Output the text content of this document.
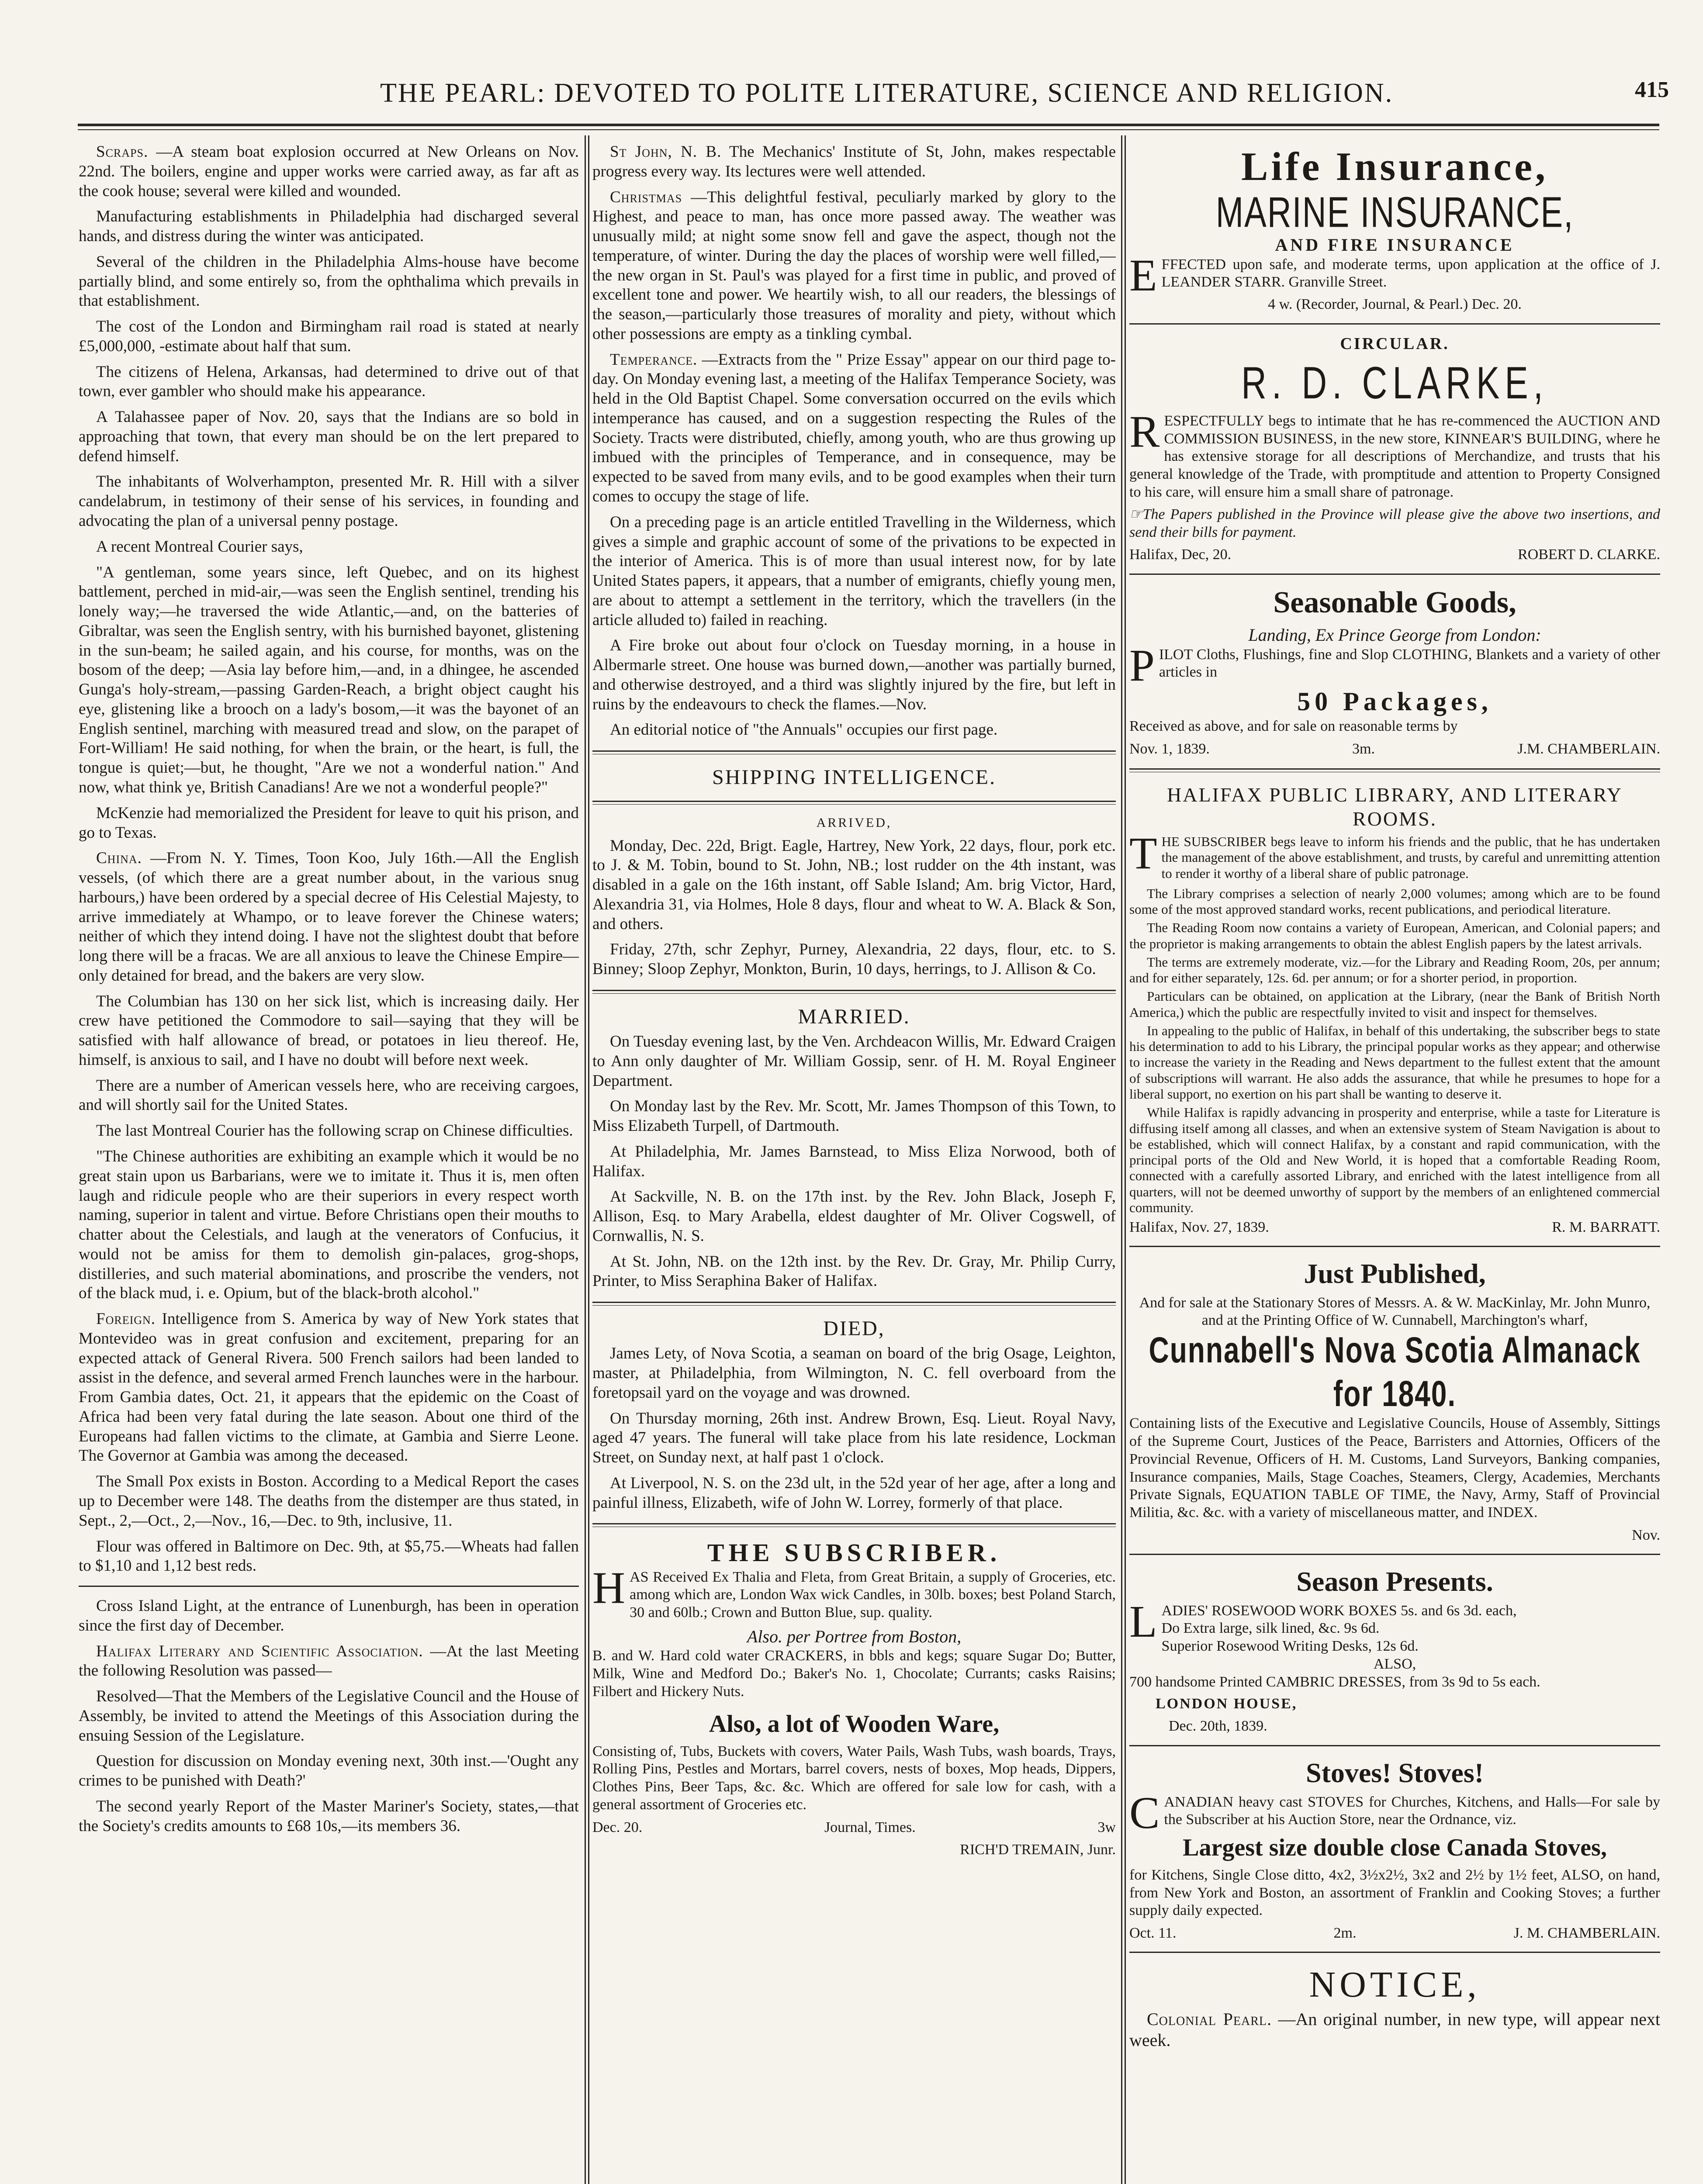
THE PEARL: DEVOTED TO POLITE LITERATURE, SCIENCE AND RELIGION.	415

Scraps. —A steam boat explosion occurred at New Orleans on Nov. 22nd. The boilers, engine and upper works were carried away, as far aft as the cook house; several were killed and wounded.

Manufacturing establishments in Philadelphia had discharged several hands, and distress during the winter was anticipated.

Several of the children in the Philadelphia Alms-house have become partially blind, and some entirely so, from the ophthalima which prevails in that establishment.

The cost of the London and Birmingham rail road is stated at nearly £5,000,000, -estimate about half that sum.

The citizens of Helena, Arkansas, had determined to drive out of that town, ever gambler who should make his appearance.

A Talahassee paper of Nov. 20, says that the Indians are so bold in approaching that town, that every man should be on the lert prepared to defend himself.

The inhabitants of Wolverhampton, presented Mr. R. Hill with a silver candelabrum, in testimony of their sense of his services, in founding and advocating the plan of a universal penny postage.

A recent Montreal Courier says,

"A gentleman, some years since, left Quebec, and on its highest battlement, perched in mid-air,—was seen the English sentinel, trending his lonely way;—he traversed the wide Atlantic,—and, on the batteries of Gibraltar, was seen the English sentry, with his burnished bayonet, glistening in the sun-beam; he sailed again, and his course, for months, was on the bosom of the deep; —Asia lay before him,—and, in a dhingee, he ascended Gunga's holy-stream,—passing Garden-Reach, a bright object caught his eye, glistening like a brooch on a lady's bosom,—it was the bayonet of an English sentinel, marching with measured tread and slow, on the parapet of Fort-William! He said nothing, for when the brain, or the heart, is full, the tongue is quiet;—but, he thought, "Are we not a wonderful nation." And now, what think ye, British Canadians! Are we not a wonderful people?"

McKenzie had memorialized the President for leave to quit his prison, and go to Texas.

China. —From N. Y. Times, Toon Koo, July 16th.—All the English vessels, (of which there are a great number about, in the various snug harbours,) have been ordered by a special decree of His Celestial Majesty, to arrive immediately at Whampo, or to leave forever the Chinese waters; neither of which they intend doing. I have not the slightest doubt that before long there will be a fracas. We are all anxious to leave the Chinese Empire—only detained for bread, and the bakers are very slow.

The Columbian has 130 on her sick list, which is increasing daily. Her crew have petitioned the Commodore to sail—saying that they will be satisfied with half allowance of bread, or potatoes in lieu thereof. He, himself, is anxious to sail, and I have no doubt will before next week.

There are a number of American vessels here, who are receiving cargoes, and will shortly sail for the United States.

The last Montreal Courier has the following scrap on Chinese difficulties.

"The Chinese authorities are exhibiting an example which it would be no great stain upon us Barbarians, were we to imitate it. Thus it is, men often laugh and ridicule people who are their superiors in every respect worth naming, superior in talent and virtue. Before Christians open their mouths to chatter about the Celestials, and laugh at the venerators of Confucius, it would not be amiss for them to demolish gin-palaces, grog-shops, distilleries, and such material abominations, and proscribe the venders, not of the black mud, i. e. Opium, but of the black-broth alcohol."

Foreign. Intelligence from S. America by way of New York states that Montevideo was in great confusion and excitement, preparing for an expected attack of General Rivera. 500 French sailors had been landed to assist in the defence, and several armed French launches were in the harbour. From Gambia dates, Oct. 21, it appears that the epidemic on the Coast of Africa had been very fatal during the late season. About one third of the Europeans had fallen victims to the climate, at Gambia and Sierre Leone. The Governor at Gambia was among the deceased.

The Small Pox exists in Boston. According to a Medical Report the cases up to December were 148. The deaths from the distemper are thus stated, in Sept., 2,—Oct., 2,—Nov., 16,—Dec. to 9th, inclusive, 11.

Flour was offered in Baltimore on Dec. 9th, at $5,75.—Wheats had fallen to $1,10 and 1,12 best reds.

Cross Island Light, at the entrance of Lunenburgh, has been in operation since the first day of December.

Halifax Literary and Scientific Association. —At the last Meeting the following Resolution was passed—

Resolved—That the Members of the Legislative Council and the House of Assembly, be invited to attend the Meetings of this Association during the ensuing Session of the Legislature.

Question for discussion on Monday evening next, 30th inst.—'Ought any crimes to be punished with Death?'

The second yearly Report of the Master Mariner's Society, states,—that the Society's credits amounts to £68 10s,—its members 36.

St John, N. B. The Mechanics' Institute of St, John, makes respectable progress every way. Its lectures were well attended.

Christmas —This delightful festival, peculiarly marked by glory to the Highest, and peace to man, has once more passed away. The weather was unusually mild; at night some snow fell and gave the aspect, though not the temperature, of winter. During the day the places of worship were well filled,—the new organ in St. Paul's was played for a first time in public, and proved of excellent tone and power. We heartily wish, to all our readers, the blessings of the season,—particularly those treasures of morality and piety, without which other possessions are empty as a tinkling cymbal.

Temperance. —Extracts from the " Prize Essay" appear on our third page to-day. On Monday evening last, a meeting of the Halifax Temperance Society, was held in the Old Baptist Chapel. Some conversation occurred on the evils which intemperance has caused, and on a suggestion respecting the Rules of the Society. Tracts were distributed, chiefly, among youth, who are thus growing up imbued with the principles of Temperance, and in consequence, may be expected to be saved from many evils, and to be good examples when their turn comes to occupy the stage of life.

On a preceding page is an article entitled Travelling in the Wilderness, which gives a simple and graphic account of some of the privations to be expected in the interior of America. This is of more than usual interest now, for by late United States papers, it appears, that a number of emigrants, chiefly young men, are about to attempt a settlement in the territory, which the travellers (in the article alluded to) failed in reaching.

A Fire broke out about four o'clock on Tuesday morning, in a house in Albermarle street. One house was burned down,—another was partially burned, and otherwise destroyed, and a third was slightly injured by the fire, but left in ruins by the endeavours to check the flames.—Nov.

An editorial notice of "the Annuals" occupies our first page.

SHIPPING INTELLIGENCE.
ARRIVED,

Monday, Dec. 22d, Brigt. Eagle, Hartrey, New York, 22 days, flour, pork etc. to J. & M. Tobin, bound to St. John, NB.; lost rudder on the 4th instant, was disabled in a gale on the 16th instant, off Sable Island; Am. brig Victor, Hard, Alexandria 31, via Holmes, Hole 8 days, flour and wheat to W. A. Black & Son, and others.

Friday, 27th, schr Zephyr, Purney, Alexandria, 22 days, flour, etc. to S. Binney; Sloop Zephyr, Monkton, Burin, 10 days, herrings, to J. Allison & Co.

MARRIED.

On Tuesday evening last, by the Ven. Archdeacon Willis, Mr. Edward Craigen to Ann only daughter of Mr. William Gossip, senr. of H. M. Royal Engineer Department.

On Monday last by the Rev. Mr. Scott, Mr. James Thompson of this Town, to Miss Elizabeth Turpell, of Dartmouth.

At Philadelphia, Mr. James Barnstead, to Miss Eliza Norwood, both of Halifax.

At Sackville, N. B. on the 17th inst. by the Rev. John Black, Joseph F, Allison, Esq. to Mary Arabella, eldest daughter of Mr. Oliver Cogswell, of Cornwallis, N. S.

At St. John, NB. on the 12th inst. by the Rev. Dr. Gray, Mr. Philip Curry, Printer, to Miss Seraphina Baker of Halifax.

DIED,

James Lety, of Nova Scotia, a seaman on board of the brig Osage, Leighton, master, at Philadelphia, from Wilmington, N. C. fell overboard from the foretopsail yard on the voyage and was drowned.

On Thursday morning, 26th inst. Andrew Brown, Esq. Lieut. Royal Navy, aged 47 years. The funeral will take place from his late residence, Lockman Street, on Sunday next, at half past 1 o'clock.

At Liverpool, N. S. on the 23d ult, in the 52d year of her age, after a long and painful illness, Elizabeth, wife of John W. Lorrey, formerly of that place.

THE SUBSCRIBER.
H AS Received Ex Thalia and Fleta, from Great Britain, a supply of Groceries, etc. among which are, London Wax wick Candles, in 30lb. boxes; best Poland Starch, 30 and 60lb.; Crown and Button Blue, sup. quality.
Also. per Portree from Boston,
B. and W. Hard cold water CRACKERS, in bbls and kegs; square Sugar Do; Butter, Milk, Wine and Medford Do.; Baker's No. 1, Chocolate; Currants; casks Raisins; Filbert and Hickery Nuts.
Also, a lot of Wooden Ware,
Consisting of, Tubs, Buckets with covers, Water Pails, Wash Tubs, wash boards, Trays, Rolling Pins, Pestles and Mortars, barrel covers, nests of boxes, Mop heads, Dippers, Clothes Pins, Beer Taps, &c. &c. Which are offered for sale low for cash, with a general assortment of Groceries etc.
Dec. 20.	Journal, Times.	3w
RICH'D TREMAIN, Junr.
Life Insurance,
MARINE INSURANCE,
AND FIRE INSURANCE
E FFECTED upon safe, and moderate terms, upon application at the office of J. LEANDER STARR. Granville Street.
4 w. (Recorder, Journal, & Pearl.) Dec. 20.
CIRCULAR.
R. D. CLARKE,
R ESPECTFULLY begs to intimate that he has re-commenced the AUCTION AND COMMISSION BUSINESS, in the new store, KINNEAR'S BUILDING, where he has extensive storage for all descriptions of Merchandize, and trusts that his general knowledge of the Trade, with promptitude and attention to Property Consigned to his care, will ensure him a small share of patronage.
☞The Papers published in the Province will please give the above two insertions, and send their bills for payment.
Halifax, Dec, 20.	ROBERT D. CLARKE.
Seasonable Goods,
Landing, Ex Prince George from London:
P ILOT Cloths, Flushings, fine and Slop CLOTHING, Blankets and a variety of other articles in
50 Packages,
Received as above, and for sale on reasonable terms by
Nov. 1, 1839.	3m.	J.M. CHAMBERLAIN.
HALIFAX PUBLIC LIBRARY, AND LITERARY ROOMS.
T HE SUBSCRIBER begs leave to inform his friends and the public, that he has undertaken the management of the above establishment, and trusts, by careful and unremitting attention to render it worthy of a liberal share of public patronage.

The Library comprises a selection of nearly 2,000 volumes; among which are to be found some of the most approved standard works, recent publications, and periodical literature.

The Reading Room now contains a variety of European, American, and Colonial papers; and the proprietor is making arrangements to obtain the ablest English papers by the latest arrivals.

The terms are extremely moderate, viz.—for the Library and Reading Room, 20s, per annum; and for either separately, 12s. 6d. per annum; or for a shorter period, in proportion.

Particulars can be obtained, on application at the Library, (near the Bank of British North America,) which the public are respectfully invited to visit and inspect for themselves.

In appealing to the public of Halifax, in behalf of this undertaking, the subscriber begs to state his determination to add to his Library, the principal popular works as they appear; and otherwise to increase the variety in the Reading and News department to the fullest extent that the amount of subscriptions will warrant. He also adds the assurance, that while he presumes to hope for a liberal support, no exertion on his part shall be wanting to deserve it.

While Halifax is rapidly advancing in prosperity and enterprise, while a taste for Literature is diffusing itself among all classes, and when an extensive system of Steam Navigation is about to be established, which will connect Halifax, by a constant and rapid communication, with the principal ports of the Old and New World, it is hoped that a comfortable Reading Room, connected with a carefully assorted Library, and enriched with the latest intelligence from all quarters, will not be deemed unworthy of support by the members of an enlightened commercial community.

Halifax, Nov. 27, 1839.	R. M. BARRATT.
Just Published,
And for sale at the Stationary Stores of Messrs. A. & W. MacKinlay, Mr. John Munro, and at the Printing Office of W. Cunnabell, Marchington's wharf,
Cunnabell's Nova Scotia Almanack for 1840.
Containing lists of the Executive and Legislative Councils, House of Assembly, Sittings of the Supreme Court, Justices of the Peace, Barristers and Attornies, Officers of the Provincial Revenue, Officers of H. M. Customs, Land Surveyors, Banking companies, Insurance companies, Mails, Stage Coaches, Steamers, Clergy, Academies, Merchants Private Signals, EQUATION TABLE OF TIME, the Navy, Army, Staff of Provincial Militia, &c. &c. with a variety of miscellaneous matter, and INDEX.
Nov.
Season Presents.
L ADIES' ROSEWOOD WORK BOXES 5s. and 6s 3d. each,
Do Extra large, silk lined, &c. 9s 6d.
Superior Rosewood Writing Desks, 12s 6d.
ALSO,
700 handsome Printed CAMBRIC DRESSES, from 3s 9d to 5s each.
LONDON HOUSE,
Dec. 20th, 1839.
Stoves! Stoves!
C ANADIAN heavy cast STOVES for Churches, Kitchens, and Halls—For sale by the Subscriber at his Auction Store, near the Ordnance, viz.
Largest size double close Canada Stoves,
for Kitchens, Single Close ditto, 4x2, 3½x2½, 3x2 and 2½ by 1½ feet, ALSO, on hand, from New York and Boston, an assortment of Franklin and Cooking Stoves; a further supply daily expected.
Oct. 11.	2m.	J. M. CHAMBERLAIN.
NOTICE,

Colonial Pearl. —An original number, in new type, will appear next week.
